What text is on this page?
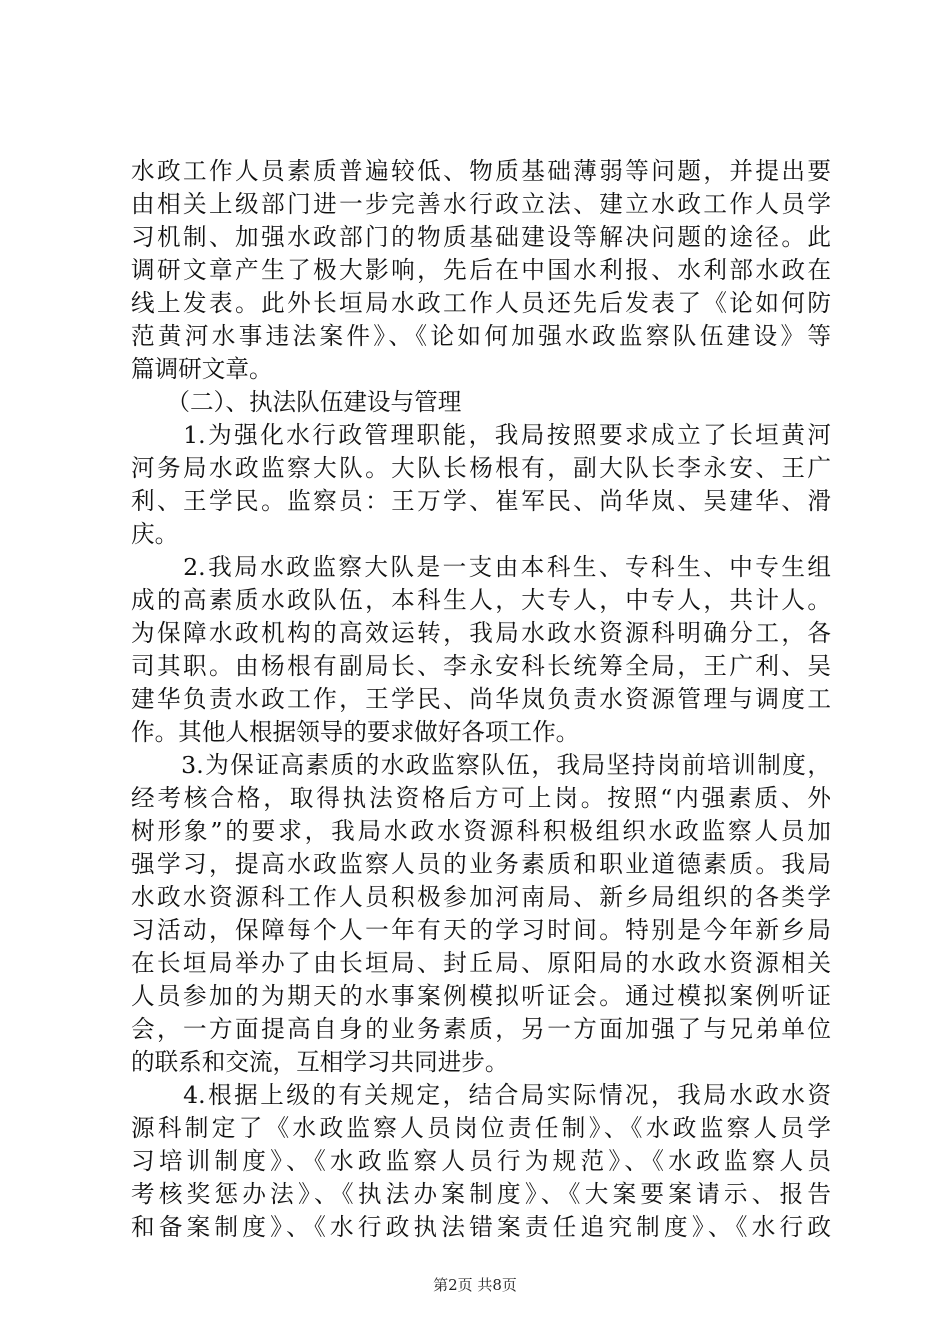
水政工作人员素质普遍较低、物质基础薄弱等问题，并提出要
由相关上级部门进一步完善水行政立法、建立水政工作人员学
习机制、加强水政部门的物质基础建设等解决问题的途径。此
调研文章产生了极大影响，先后在中国水利报、水利部水政在
线上发表。此外长垣局水政工作人员还先后发表了《论如何防
范黄河水事违法案件》、《论如何加强水政监察队伍建设》等
篇调研文章。
　　（二）、执法队伍建设与管理
　　1.为强化水行政管理职能，我局按照要求成立了长垣黄河
河务局水政监察大队。大队长杨根有，副大队长李永安、王广
利、王学民。监察员：王万学、崔军民、尚华岚、吴建华、滑
庆。
　　2.我局水政监察大队是一支由本科生、专科生、中专生组
成的高素质水政队伍，本科生人，大专人，中专人，共计人。
为保障水政机构的高效运转，我局水政水资源科明确分工，各
司其职。由杨根有副局长、李永安科长统筹全局，王广利、吴
建华负责水政工作，王学民、尚华岚负责水资源管理与调度工
作。其他人根据领导的要求做好各项工作。
　　3.为保证高素质的水政监察队伍，我局坚持岗前培训制度，
经考核合格，取得执法资格后方可上岗。按照“内强素质、外
树形象”的要求，我局水政水资源科积极组织水政监察人员加
强学习，提高水政监察人员的业务素质和职业道德素质。我局
水政水资源科工作人员积极参加河南局、新乡局组织的各类学
习活动，保障每个人一年有天的学习时间。特别是今年新乡局
在长垣局举办了由长垣局、封丘局、原阳局的水政水资源相关
人员参加的为期天的水事案例模拟听证会。通过模拟案例听证
会，一方面提高自身的业务素质，另一方面加强了与兄弟单位
的联系和交流，互相学习共同进步。
　　4.根据上级的有关规定，结合局实际情况，我局水政水资
源科制定了《水政监察人员岗位责任制》、《水政监察人员学
习培训制度》、《水政监察人员行为规范》、《水政监察人员
考核奖惩办法》、《执法办案制度》、《大案要案请示、报告
和备案制度》、《水行政执法错案责任追究制度》、《水行政
第2页 共8页
